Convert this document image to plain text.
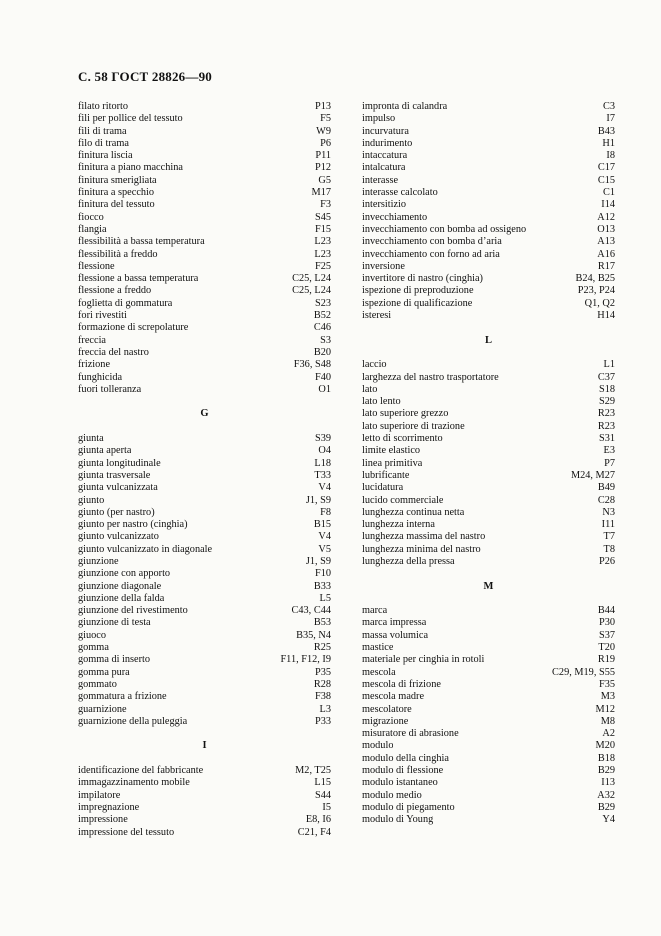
С. 58 ГОСТ 28826—90
filato ritorto	P13
fili per pollice del tessuto	F5
fili di trama	W9
filo di trama	P6
finitura liscia	P11
finitura a piano macchina	P12
finitura smerigliata	G5
finitura a specchio	M17
finitura del tessuto	F3
fiocco	S45
flangia	F15
flessibilità a bassa temperatura	L23
flessibilità a freddo	L23
flessione	F25
flessione a bassa temperatura	C25, L24
flessione a freddo	C25, L24
foglietta di gommatura	S23
fori rivestiti	B52
formazione di screpolature	C46
freccia	S3
freccia del nastro	B20
frizione	F36, S48
funghicida	F40
fuori tolleranza	O1
G
giunta	S39
giunta aperta	O4
giunta longitudinale	L18
giunta trasversale	T33
giunta vulcanizzata	V4
giunto	J1, S9
giunto (per nastro)	F8
giunto per nastro (cinghia)	B15
giunto vulcanizzato	V4
giunto vulcanizzato in diagonale	V5
giunzione	J1, S9
giunzione con apporto	F10
giunzione diagonale	B33
giunzione della falda	L5
giunzione del rivestimento	C43, C44
giunzione di testa	B53
giuoco	B35, N4
gomma	R25
gomma di inserto	F11, F12, I9
gomma pura	P35
gommato	R28
gommatura a frizione	F38
guarnizione	L3
guarnizione della puleggia	P33
I
identificazione del fabbricante	M2, T25
immagazzinamento mobile	L15
impilatore	S44
impregnazione	I5
impressione	E8, I6
impressione del tessuto	C21, F4
impronta di calandra	C3
impulso	I7
incurvatura	B43
indurimento	H1
intaccatura	I8
intalcatura	C17
interasse	C15
interasse calcolato	C1
intersitizio	I14
invecchiamento	A12
invecchiamento con bomba ad ossigeno	O13
invecchiamento con bomba d’aria	A13
invecchiamento con forno ad aria	A16
inversione	R17
invertitore di nastro (cinghia)	B24, B25
ispezione di preproduzione	P23, P24
ispezione di qualificazione	Q1, Q2
isteresi	H14
L
laccio	L1
larghezza del nastro trasportatore	C37
lato	S18
lato lento	S29
lato superiore grezzo	R23
lato superiore di trazione	R23
letto di scorrimento	S31
limite elastico	E3
linea primitiva	P7
lubrificante	M24, M27
lucidatura	B49
lucido commerciale	C28
lunghezza continua netta	N3
lunghezza interna	I11
lunghezza massima del nastro	T7
lunghezza minima del nastro	T8
lunghezza della pressa	P26
M
marca	B44
marca impressa	P30
massa volumica	S37
mastice	T20
materiale per cinghia in rotoli	R19
mescola	C29, M19, S55
mescola di frizione	F35
mescola madre	M3
mescolatore	M12
migrazione	M8
misuratore di abrasione	A2
modulo	M20
modulo della cinghia	B18
modulo di flessione	B29
modulo istantaneo	I13
modulo medio	A32
modulo di piegamento	B29
modulo di Young	Y4
